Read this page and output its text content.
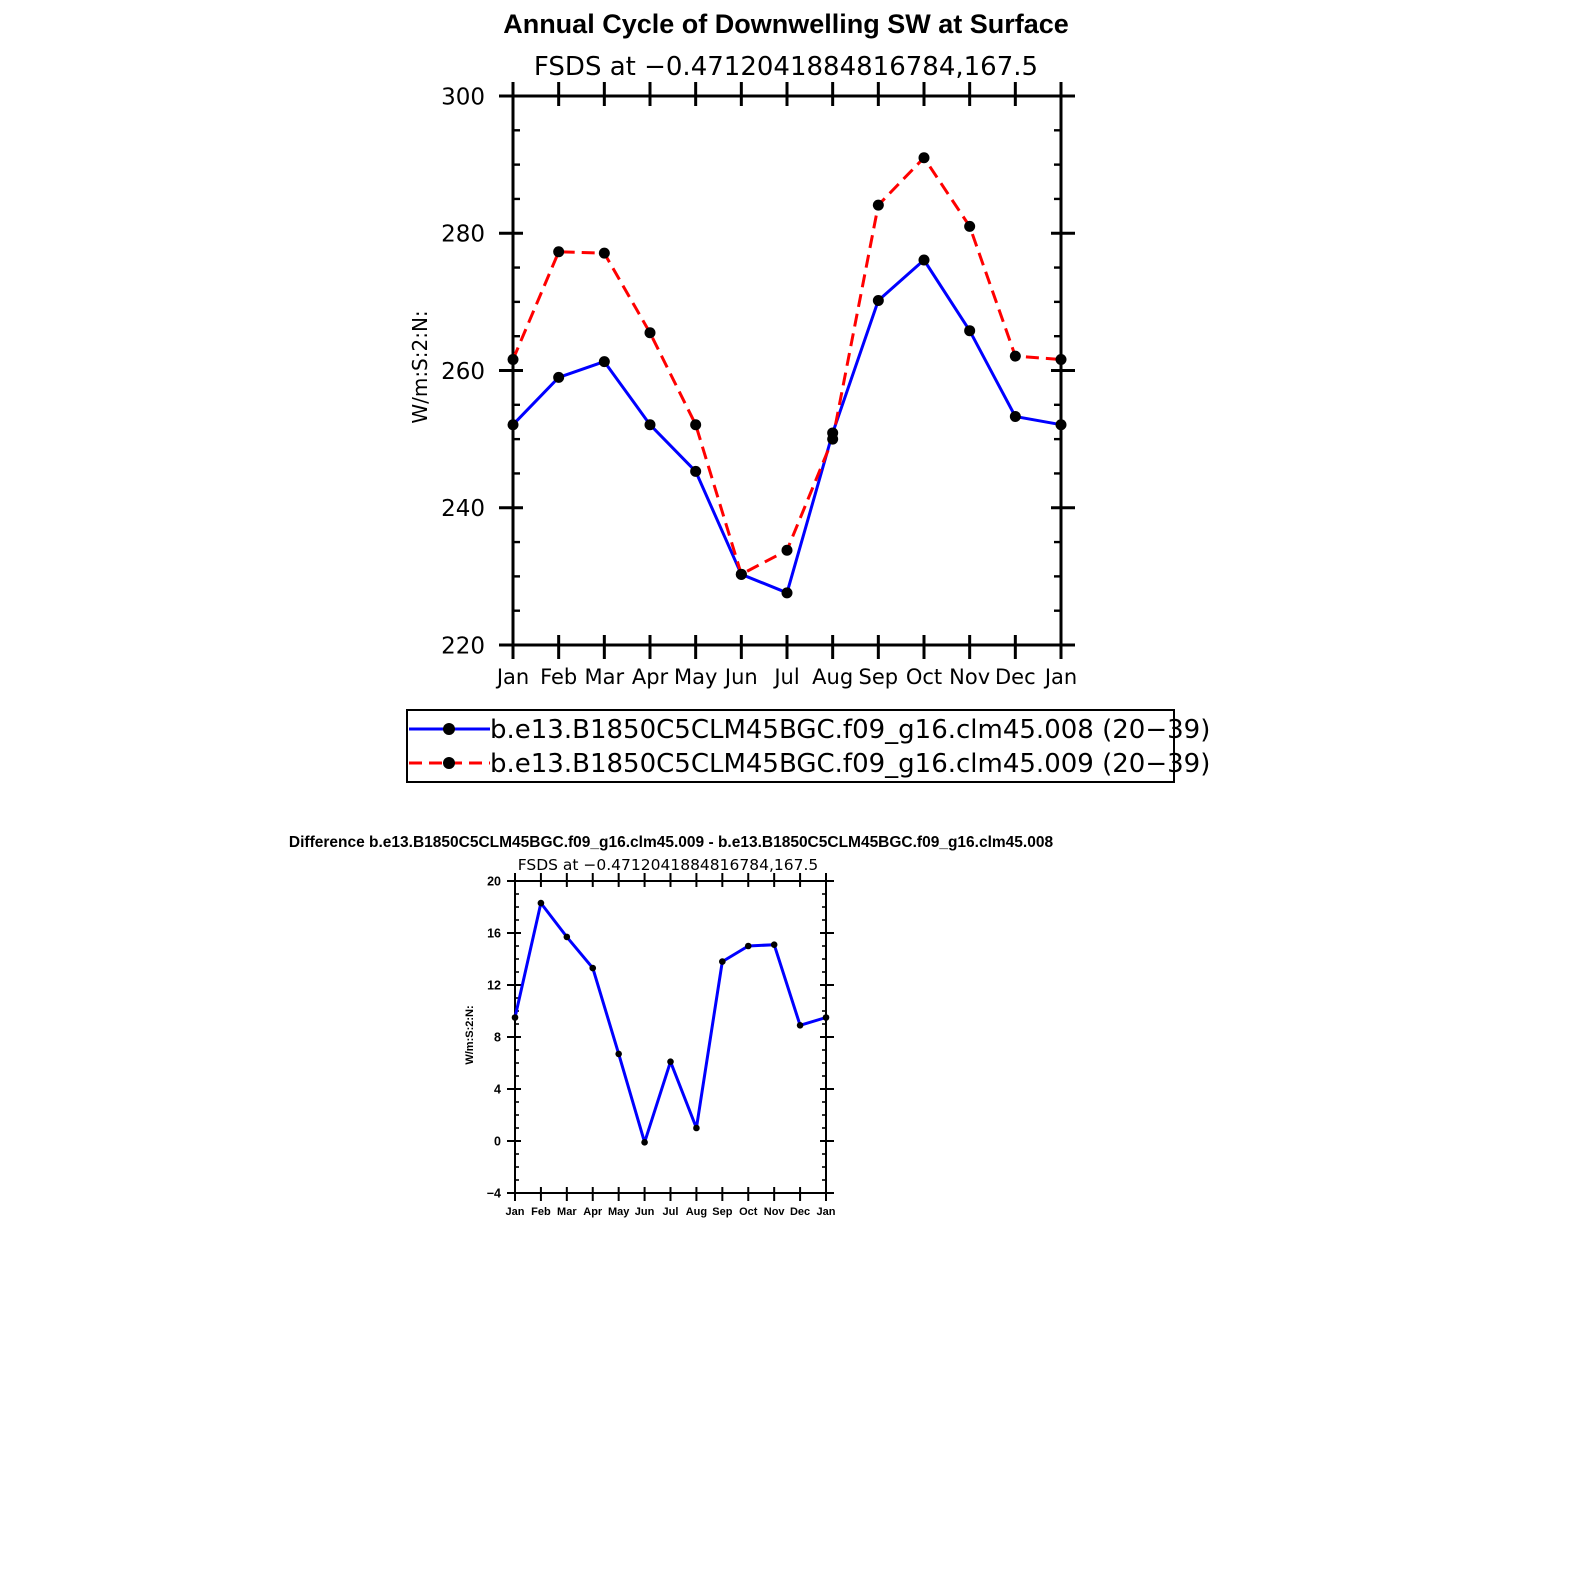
Annual Cycle of Downwelling SW at Surface
FSDS at −0.4712041884816784,167.5
W/m:S:2:N:
220
240
260
280
300
Jan Feb Mar Apr May Jun Jul Aug Sep Oct Nov Dec Jan
b.e13.B1850C5CLM45BGC.f09_g16.clm45.008 (20−39)
b.e13.B1850C5CLM45BGC.f09_g16.clm45.009 (20−39)
Difference b.e13.B1850C5CLM45BGC.f09_g16.clm45.009 - b.e13.B1850C5CLM45BGC.f09_g16.clm45.008
FSDS at −0.4712041884816784,167.5
W/m:S:2:N:
−4
0
4
8
12
16
20
Jan Feb Mar Apr May Jun Jul Aug Sep Oct Nov Dec Jan
